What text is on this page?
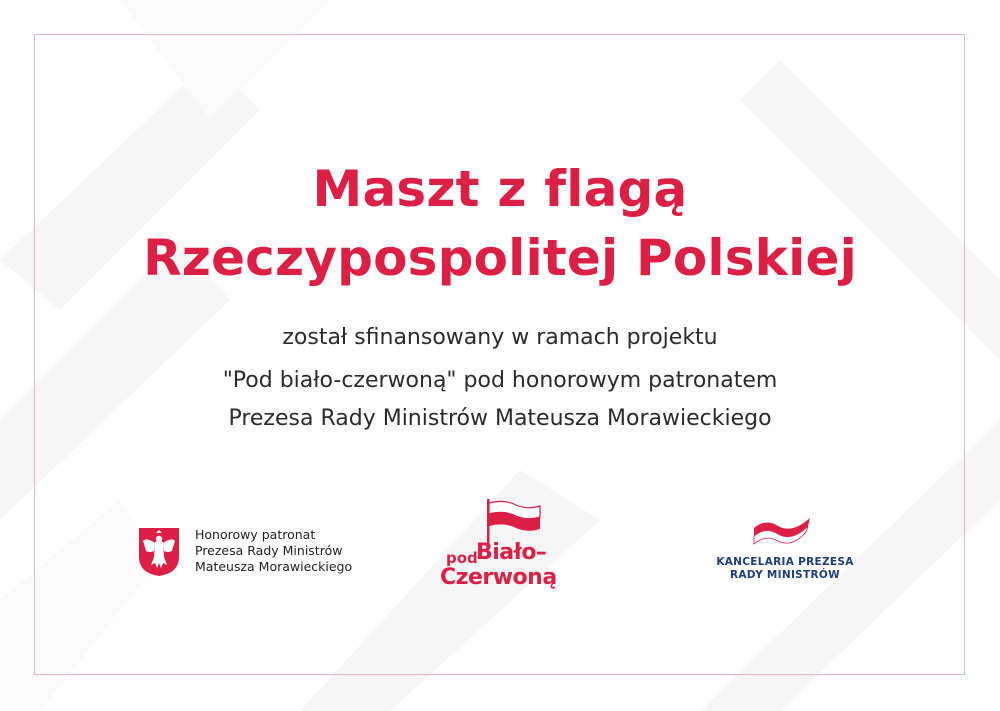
Maszt z flagą
Rzeczypospolitej Polskiej
został sfinansowany w ramach projektu
"Pod biało-czerwoną" pod honorowym patronatem
Prezesa Rady Ministrów Mateusza Morawieckiego
Honorowy patronat
Prezesa Rady Ministrów
Mateusza Morawieckiego	pod
Biało–
Czerwoną
KANCELARIA PREZESA
RADY MINISTRÓW
